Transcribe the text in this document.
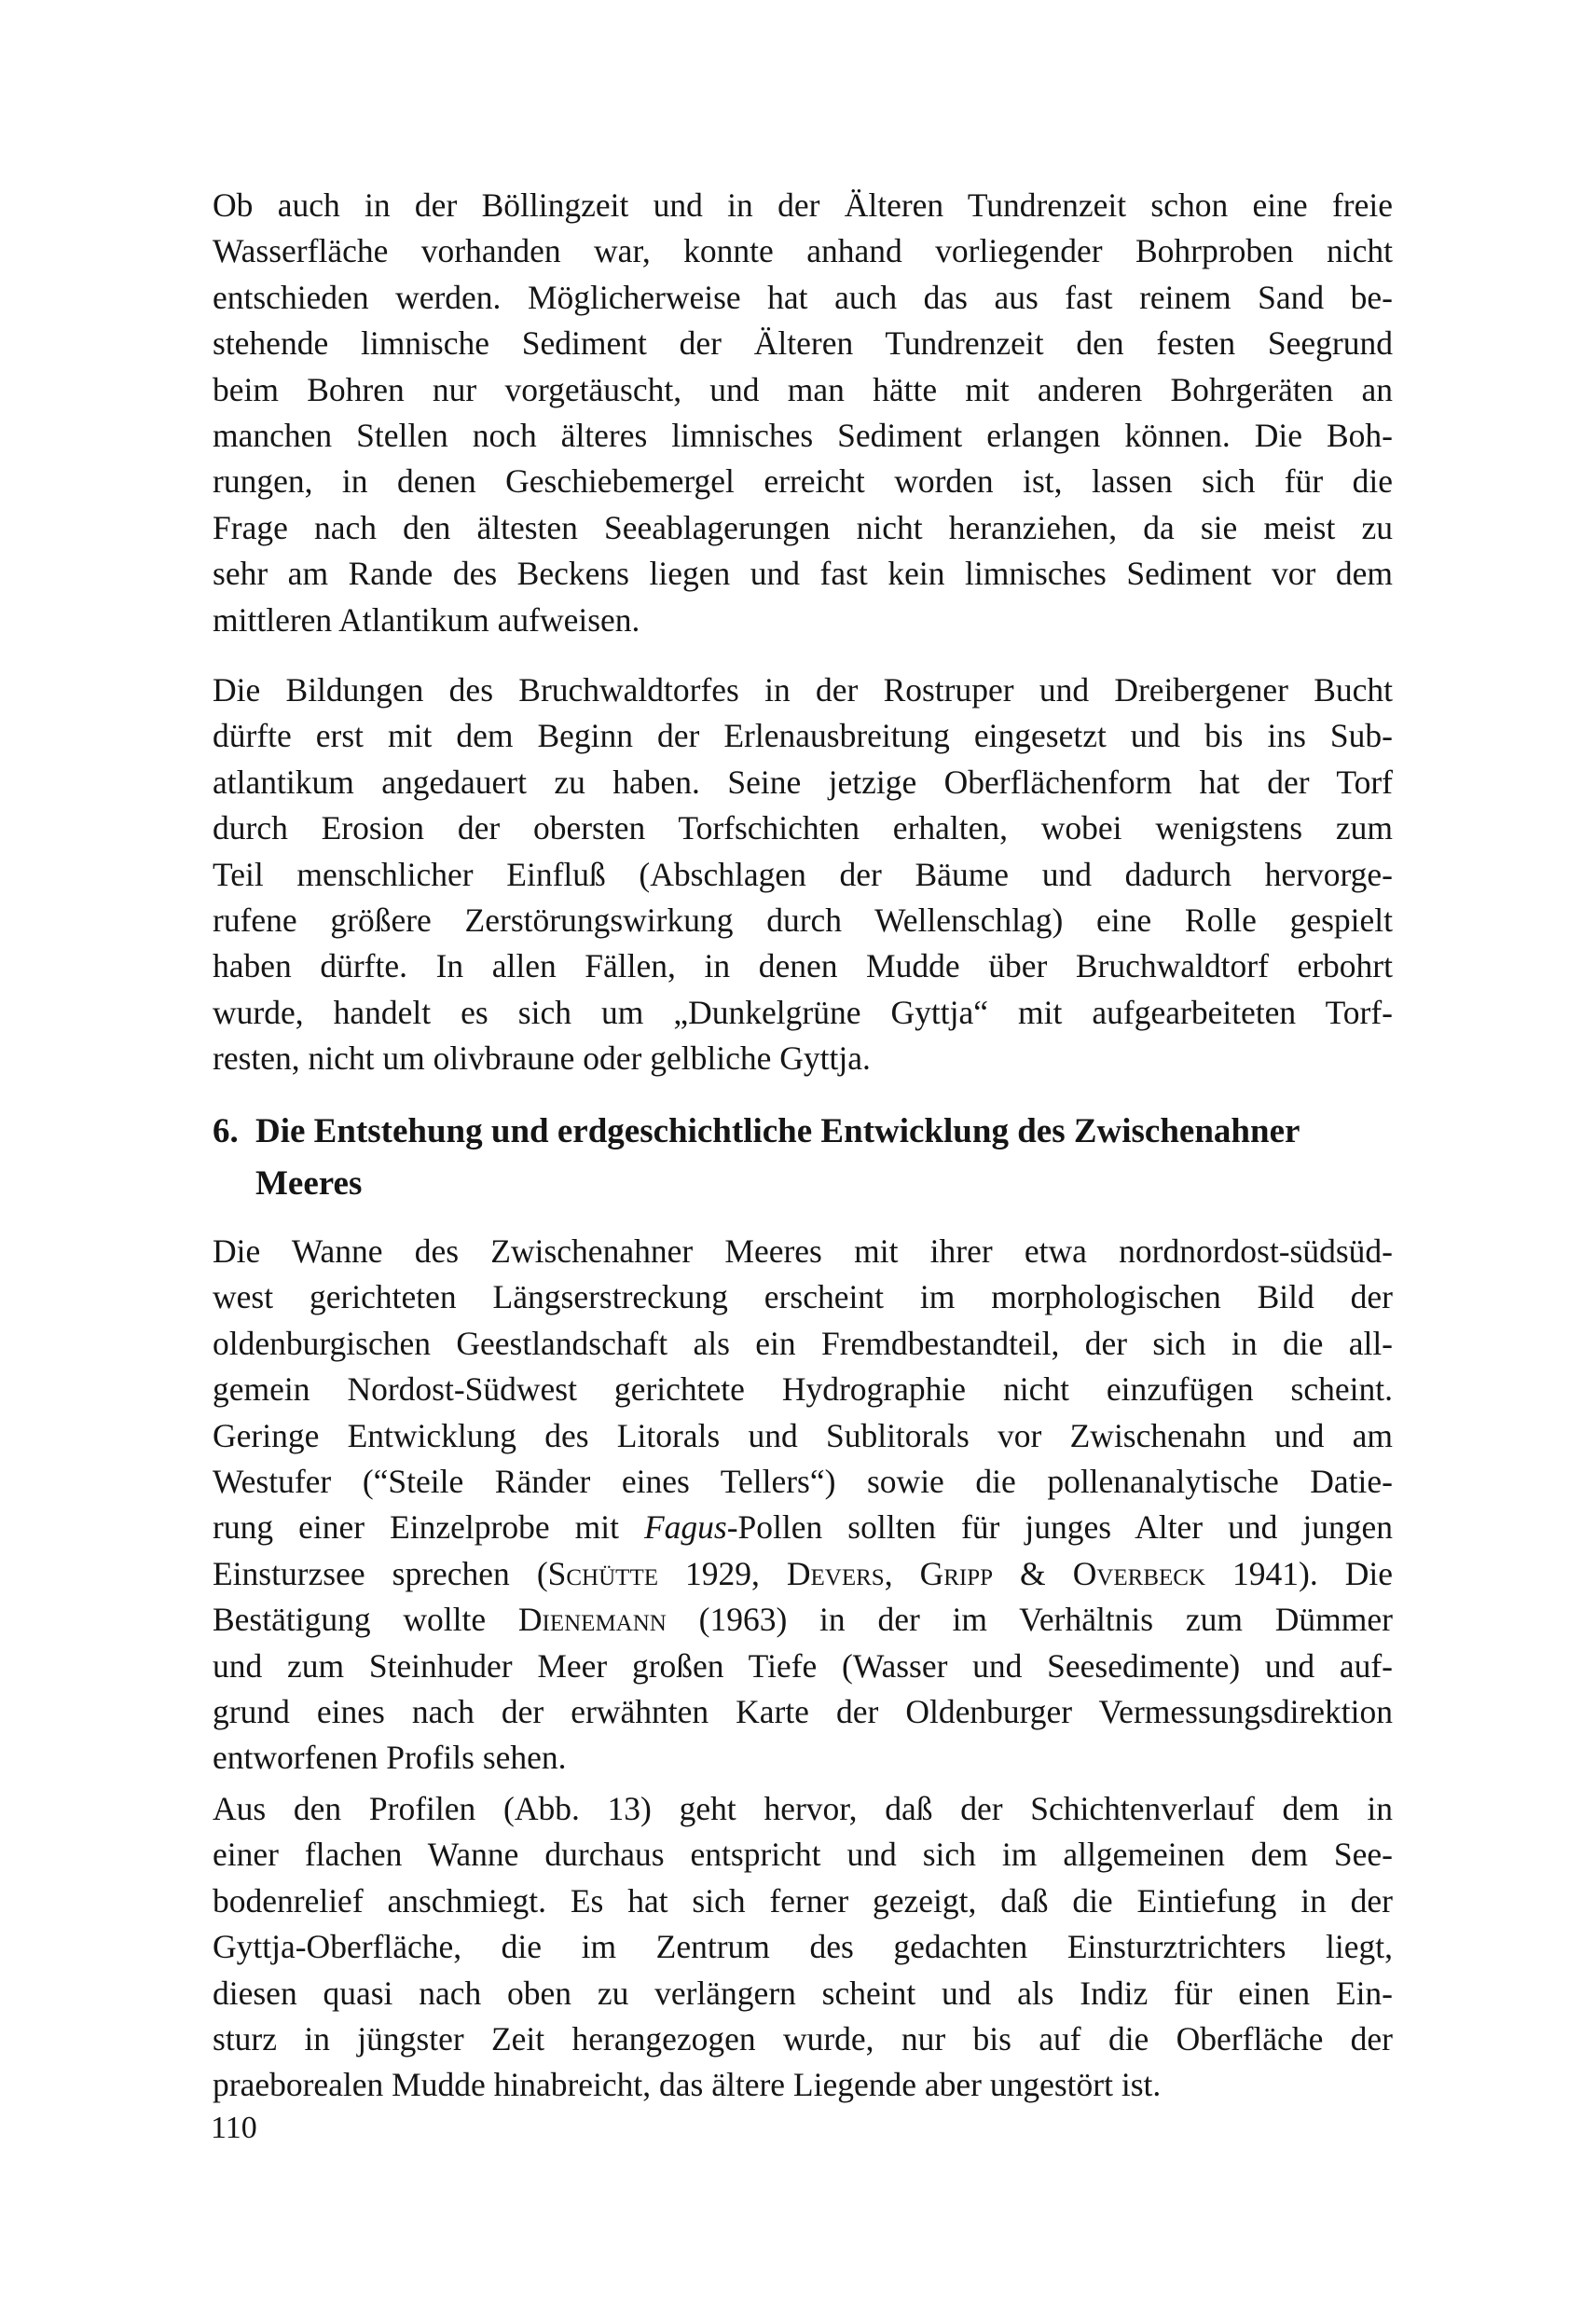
Ob auch in der Böllingzeit und in der Älteren Tundrenzeit schon eine freie
Wasserfläche vorhanden war, konnte anhand vorliegender Bohrproben nicht
entschieden werden. Möglicherweise hat auch das aus fast reinem Sand be-
stehende limnische Sediment der Älteren Tundrenzeit den festen Seegrund
beim Bohren nur vorgetäuscht, und man hätte mit anderen Bohrgeräten an
manchen Stellen noch älteres limnisches Sediment erlangen können. Die Boh-
rungen, in denen Geschiebemergel erreicht worden ist, lassen sich für die
Frage nach den ältesten Seeablagerungen nicht heranziehen, da sie meist zu
sehr am Rande des Beckens liegen und fast kein limnisches Sediment vor dem
mittleren Atlantikum aufweisen.
Die Bildungen des Bruchwaldtorfes in der Rostruper und Dreibergener Bucht
dürfte erst mit dem Beginn der Erlenausbreitung eingesetzt und bis ins Sub-
atlantikum angedauert zu haben. Seine jetzige Oberflächenform hat der Torf
durch Erosion der obersten Torfschichten erhalten, wobei wenigstens zum
Teil menschlicher Einfluß (Abschlagen der Bäume und dadurch hervorge-
rufene größere Zerstörungswirkung durch Wellenschlag) eine Rolle gespielt
haben dürfte. In allen Fällen, in denen Mudde über Bruchwaldtorf erbohrt
wurde, handelt es sich um „Dunkelgrüne Gyttja“ mit aufgearbeiteten Torf-
resten, nicht um olivbraune oder gelbliche Gyttja.
6. Die Entstehung und erdgeschichtliche Entwicklung des Zwischenahner
Meeres
Die Wanne des Zwischenahner Meeres mit ihrer etwa nordnordost-südsüd-
west gerichteten Längserstreckung erscheint im morphologischen Bild der
oldenburgischen Geestlandschaft als ein Fremdbestandteil, der sich in die all-
gemein Nordost-Südwest gerichtete Hydrographie nicht einzufügen scheint.
Geringe Entwicklung des Litorals und Sublitorals vor Zwischenahn und am
Westufer (“Steile Ränder eines Tellers“) sowie die pollenanalytische Datie-
rung einer Einzelprobe mit Fagus-Pollen sollten für junges Alter und jungen
Einsturzsee sprechen (Schütte 1929, Devers, Gripp & Overbeck 1941). Die
Bestätigung wollte Dienemann (1963) in der im Verhältnis zum Dümmer
und zum Steinhuder Meer großen Tiefe (Wasser und Seesedimente) und auf-
grund eines nach der erwähnten Karte der Oldenburger Vermessungsdirektion
entworfenen Profils sehen.
Aus den Profilen (Abb. 13) geht hervor, daß der Schichtenverlauf dem in
einer flachen Wanne durchaus entspricht und sich im allgemeinen dem See-
bodenrelief anschmiegt. Es hat sich ferner gezeigt, daß die Eintiefung in der
Gyttja-Oberfläche, die im Zentrum des gedachten Einsturztrichters liegt,
diesen quasi nach oben zu verlängern scheint und als Indiz für einen Ein-
sturz in jüngster Zeit herangezogen wurde, nur bis auf die Oberfläche der
praeborealen Mudde hinabreicht, das ältere Liegende aber ungestört ist.
110
